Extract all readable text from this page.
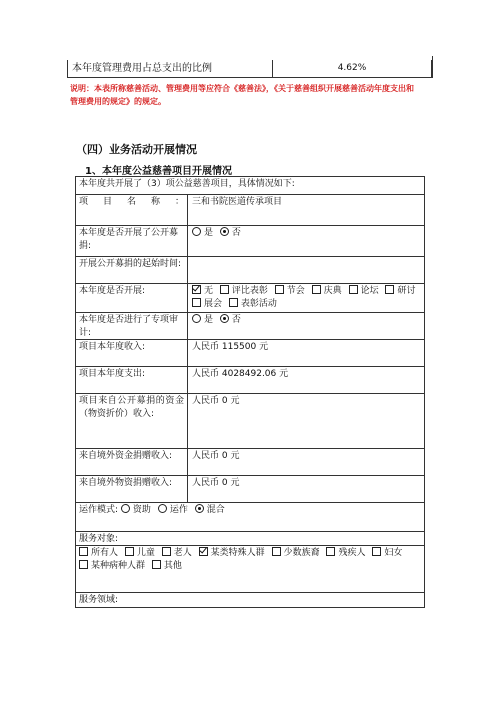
本年度管理费用占总支出的比例	4.62%
说明：本表所称慈善活动、管理费用等应符合《慈善法》，《关于慈善组织开展慈善活动年度支出和
管理费用的规定》的规定。
（四）业务活动开展情况
1、本年度公益慈善项目开展情况
本年度共开展了（3）项公益慈善项目，具体情况如下:
项 目 名 称 ： 三和书院医道传承项目
本年度是否开展了公开募捐:
是 否
开展公开募捐的起始时间:
本年度是否开展:	无 评比表彰 节会 庆典 论坛 研讨 展会 表彰活动
本年度是否进行了专项审计:
是 否
项目本年度收入:	人民币 115500 元
项目本年度支出:	人民币 4028492.06 元
项目来自公开募捐的资金（物资折价）收入:
人民币 0 元
来自境外资金捐赠收入:	人民币 0 元
来自境外物资捐赠收入:	人民币 0 元
运作模式: 资助 运作 混合
服务对象:
所有人 儿童 老人 某类特殊人群 少数族裔 残疾人 妇女 某种病种人群 其他
服务领域:
